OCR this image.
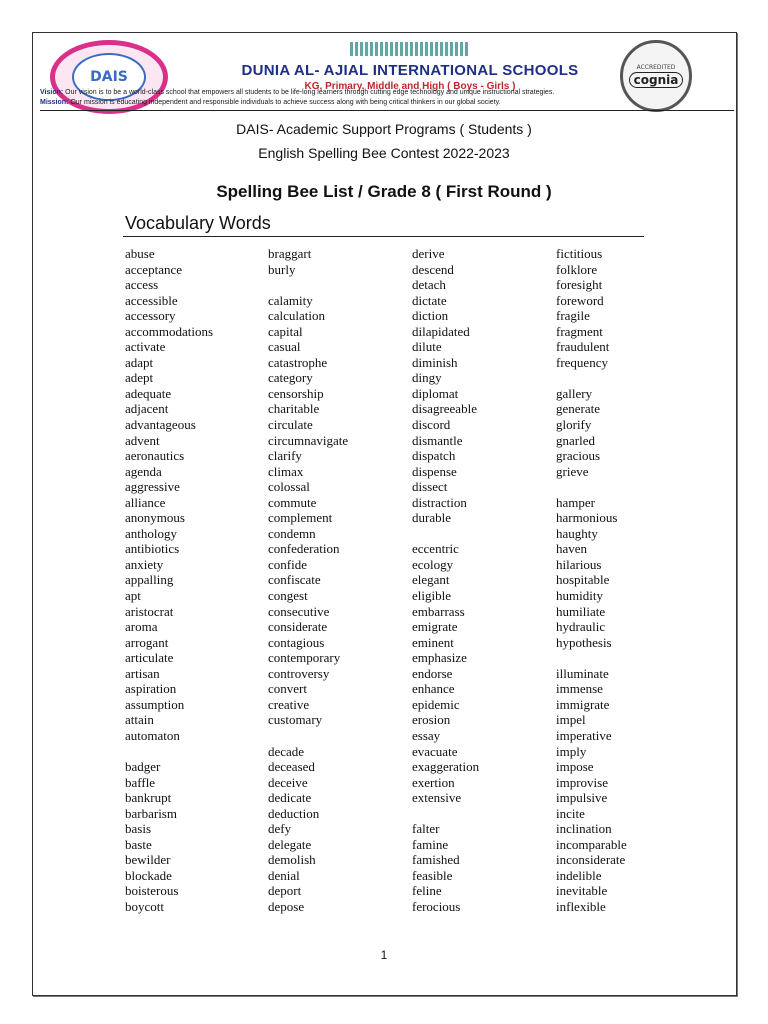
DAIS	DUNIA AL- AJIAL INTERNATIONAL SCHOOLS
KG, Primary, Middle and High ( Boys - Girls )
ACCREDITED
cognia
Vision: Our vision is to be a world-class school that empowers all students to be life-long learners through cutting edge technology and unique instructional strategies.
Mission: Our mission is educating independent and responsible individuals to achieve success along with being critical thinkers in our global society.
DAIS- Academic Support Programs ( Students )
English Spelling Bee Contest 2022-2023
Spelling Bee List / Grade 8 ( First Round )
Vocabulary Words
abuse
acceptance
access
accessible
accessory
accommodations
activate
adapt
adept
adequate
adjacent
advantageous
advent
aeronautics
agenda
aggressive
alliance
anonymous
anthology
antibiotics
anxiety
appalling
apt
aristocrat
aroma
arrogant
articulate
artisan
aspiration
assumption
attain
automaton
badger
baffle
bankrupt
barbarism
basis
baste
bewilder
blockade
boisterous
boycott
braggart
burly
calamity
calculation
capital
casual
catastrophe
category
censorship
charitable
circulate
circumnavigate
clarify
climax
colossal
commute
complement
condemn
confederation
confide
confiscate
congest
consecutive
considerate
contagious
contemporary
controversy
convert
creative
customary
decade
deceased
deceive
dedicate
deduction
defy
delegate
demolish
denial
deport
depose
derive
descend
detach
dictate
diction
dilapidated
dilute
diminish
dingy
diplomat
disagreeable
discord
dismantle
dispatch
dispense
dissect
distraction
durable
eccentric
ecology
elegant
eligible
embarrass
emigrate
eminent
emphasize
endorse
enhance
epidemic
erosion
essay
evacuate
exaggeration
exertion
extensive
falter
famine
famished
feasible
feline
ferocious
fictitious
folklore
foresight
foreword
fragile
fragment
fraudulent
frequency
gallery
generate
glorify
gnarled
gracious
grieve
hamper
harmonious
haughty
haven
hilarious
hospitable
humidity
humiliate
hydraulic
hypothesis
illuminate
immense
immigrate
impel
imperative
imply
impose
improvise
impulsive
incite
inclination
incomparable
inconsiderate
indelible
inevitable
inflexible
1
